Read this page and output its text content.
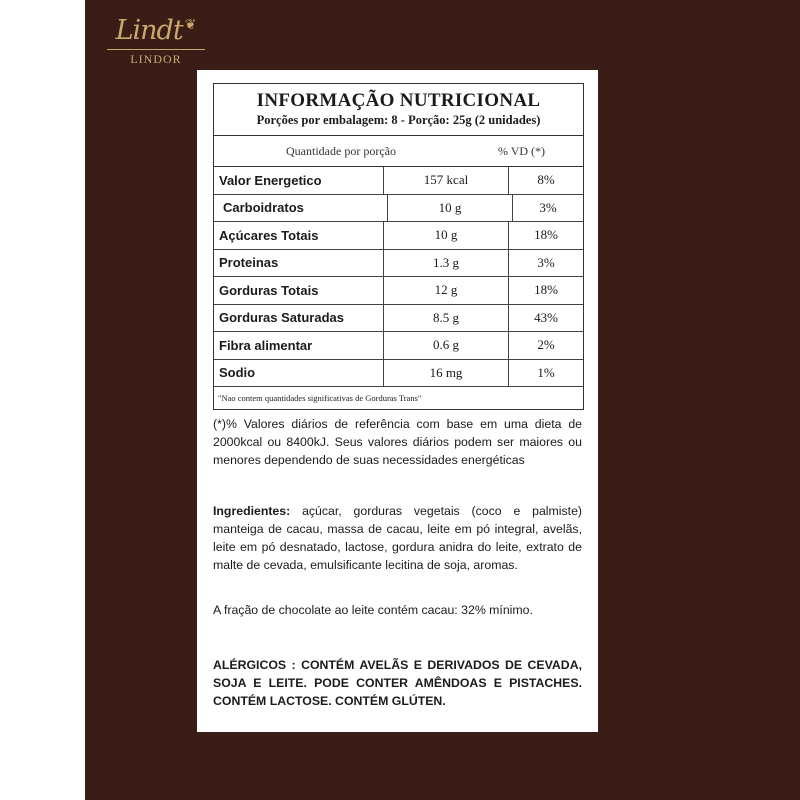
Lindt ❦
LINDOR
INFORMAÇÃO NUTRICIONAL
Porções por embalagem: 8 - Porção: 25g (2 unidades)
Quantidade por porção	% VD (*)
Valor Energetico	157 kcal	8%
Carboidratos	10 g	3%
Açúcares Totais	10 g	18%
Proteinas	1.3 g	3%
Gorduras Totais	12 g	18%
Gorduras Saturadas	8.5 g	43%
Fibra alimentar	0.6 g	2%
Sodio	16 mg	1%
"Nao contem quantidades significativas de Gorduras Trans"
(*)% Valores diários de referência com base em uma dieta de 2000kcal ou 8400kJ. Seus valores diários podem ser maiores ou menores dependendo de suas necessidades energéticas
Ingredientes: açúcar, gorduras vegetais (coco e palmiste) manteiga de cacau, massa de cacau, leite em pó integral, avelãs, leite em pó desnatado, lactose, gordura anidra do leite, extrato de malte de cevada, emulsificante lecitina de soja, aromas.
A fração de chocolate ao leite contém cacau: 32% mínimo.
ALÉRGICOS : CONTÉM AVELÃS E DERIVADOS DE CEVADA, SOJA E LEITE. PODE CONTER AMÊNDOAS E PISTACHES. CONTÉM LACTOSE. CONTÉM GLÚTEN.
